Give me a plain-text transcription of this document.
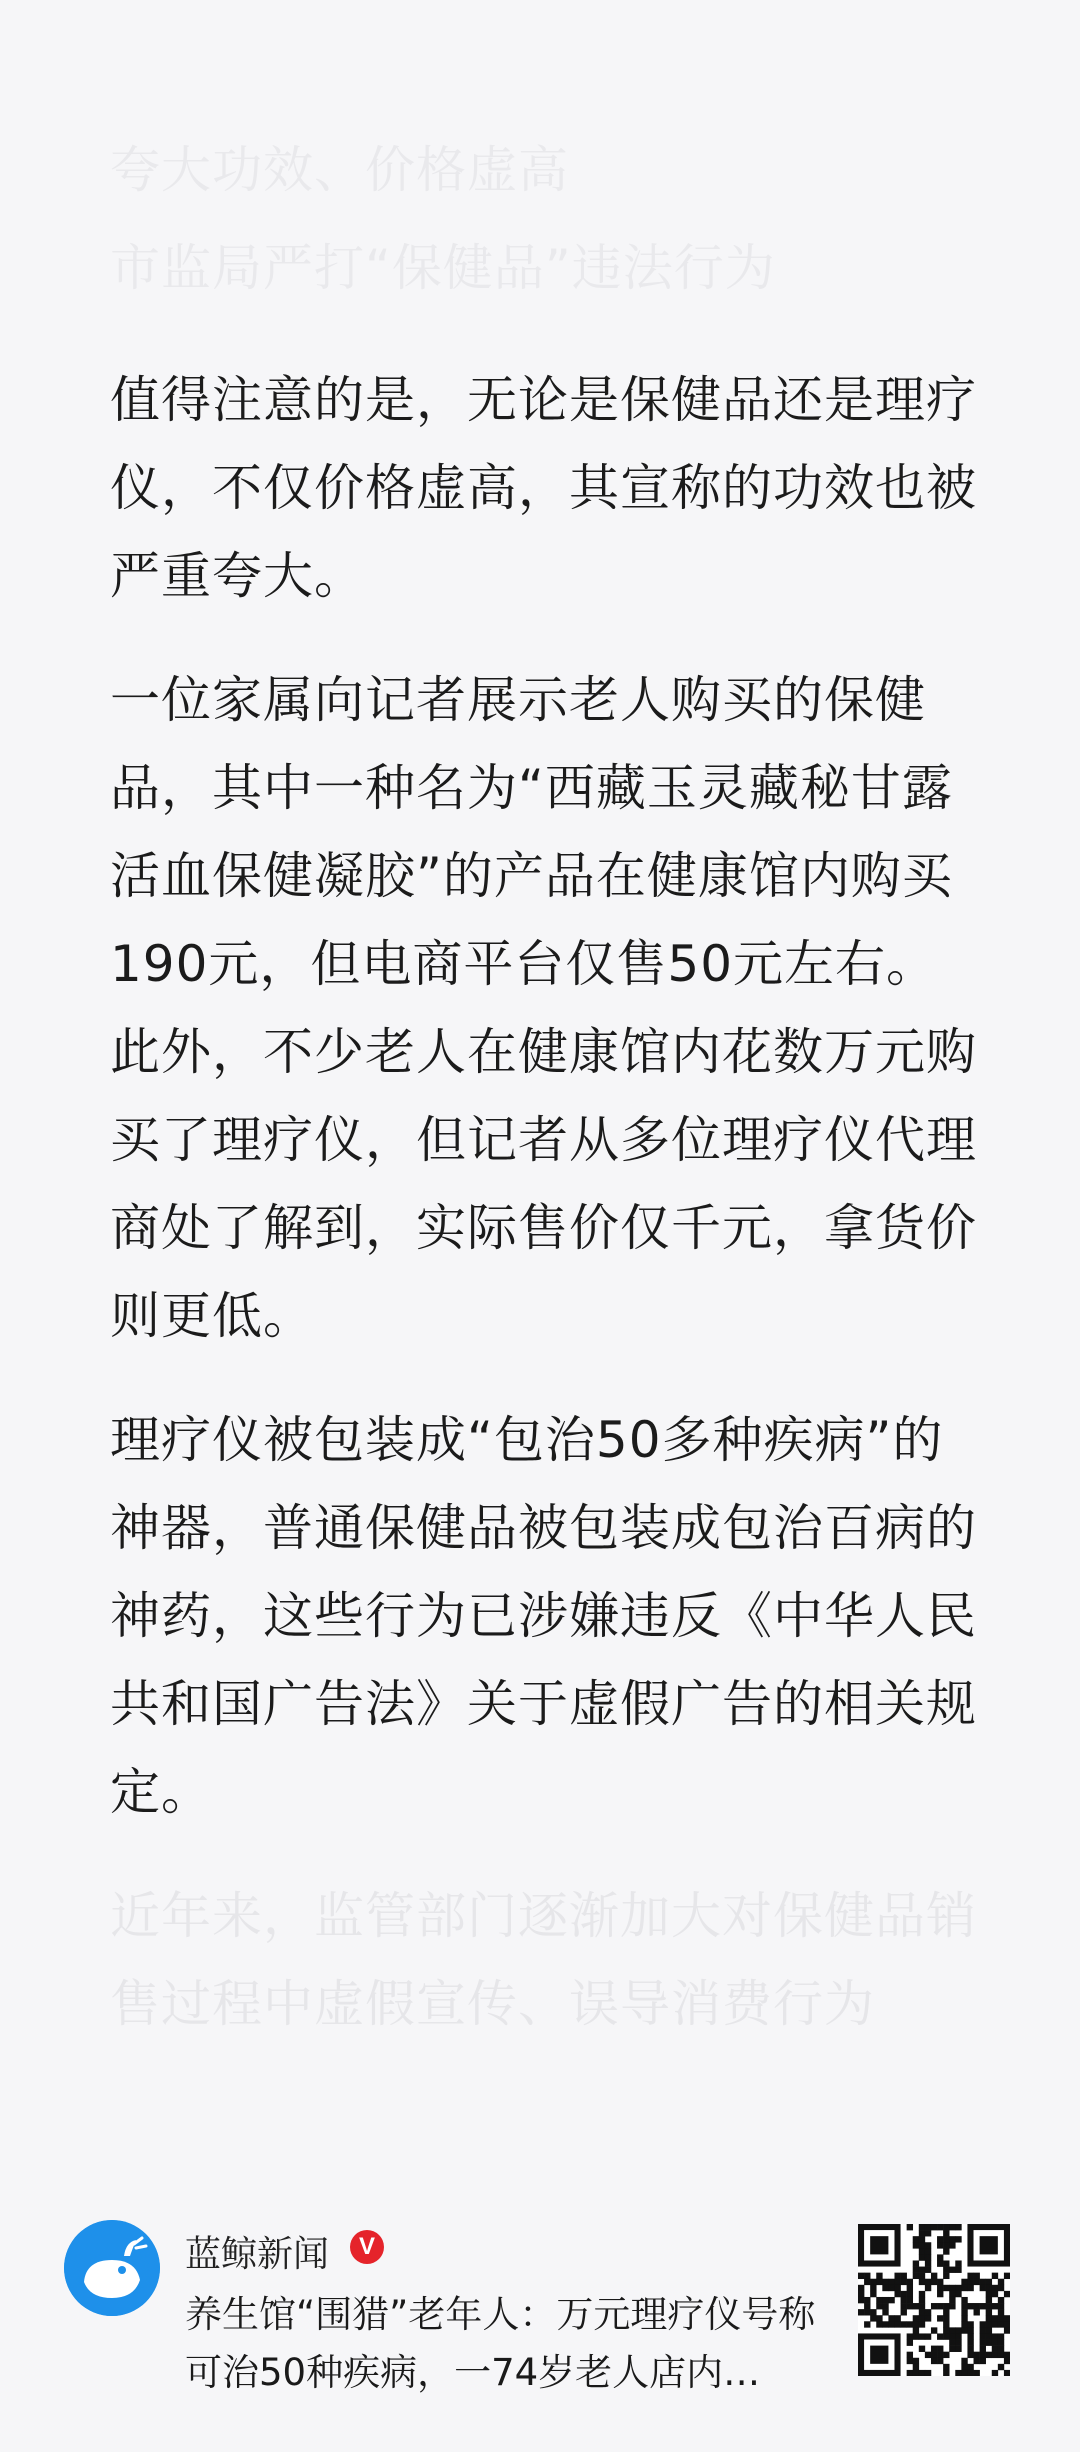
夸大功效、价格虚高
市监局严打“保健品”违法行为

值得注意的是，无论是保健品还是理疗仪，不仅价格虚高，其宣称的功效也被严重夸大。

一位家属向记者展示老人购买的保健品，其中一种名为“西藏玉灵藏秘甘露活血保健凝胶”的产品在健康馆内购买190元，但电商平台仅售50元左右。此外，不少老人在健康馆内花数万元购买了理疗仪，但记者从多位理疗仪代理商处了解到，实际售价仅千元，拿货价则更低。

理疗仪被包装成“包治50多种疾病”的神器，普通保健品被包装成包治百病的神药，这些行为已涉嫌违反《中华人民共和国广告法》关于虚假广告的相关规定。

近年来，监管部门逐渐加大对保健品销售过程中虚假宣传、误导消费行为

蓝鲸新闻	V
养生馆“围猎”老年人：万元理疗仪号称可治50种疾病，一74岁老人店内…
